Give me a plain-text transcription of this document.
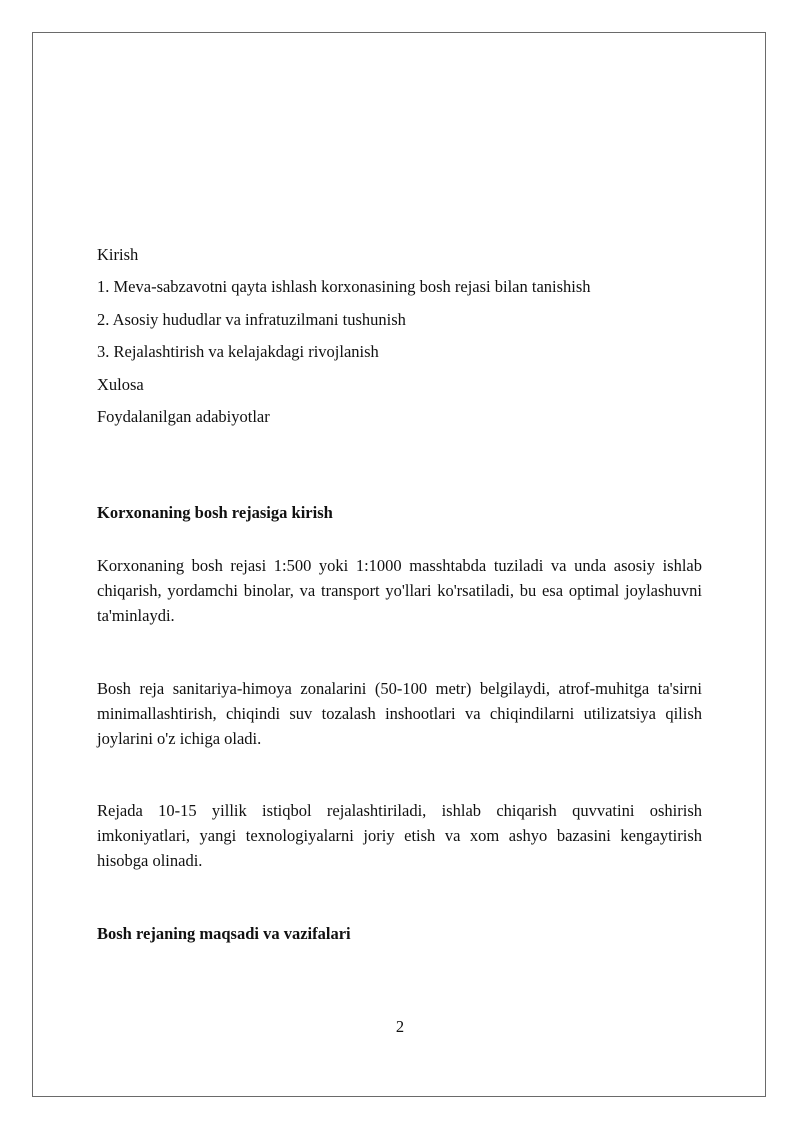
Kirish
1. Meva-sabzavotni qayta ishlash korxonasining bosh rejasi bilan tanishish
2. Asosiy hududlar va infratuzilmani tushunish
3. Rejalashtirish va kelajakdagi rivojlanish
Xulosa
Foydalanilgan adabiyotlar
Korxonaning bosh rejasiga kirish

Korxonaning bosh rejasi 1:500 yoki 1:1000 masshtabda tuziladi va unda asosiy ishlab chiqarish, yordamchi binolar, va transport yo'llari ko'rsatiladi, bu esa optimal joylashuvni ta'minlaydi.

Bosh reja sanitariya-himoya zonalarini (50-100 metr) belgilaydi, atrof-muhitga ta'sirni minimallashtirish, chiqindi suv tozalash inshootlari va chiqindilarni utilizatsiya qilish joylarini o'z ichiga oladi.

Rejada 10-15 yillik istiqbol rejalashtiriladi, ishlab chiqarish quvvatini oshirish imkoniyatlari, yangi texnologiyalarni joriy etish va xom ashyo bazasini kengaytirish hisobga olinadi.

Bosh rejaning maqsadi va vazifalari
2
